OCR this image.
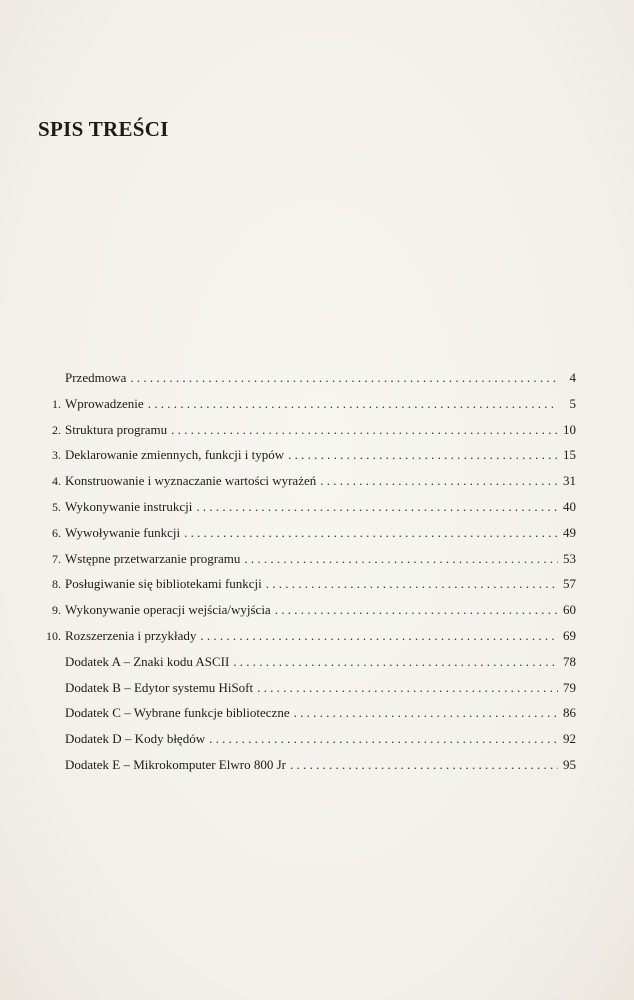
SPIS TREŚCI
Przedmowa . . .	4
1. Wprowadzenie . . .	5
2. Struktura programu . . .	10
3. Deklarowanie zmiennych, funkcji i typów . . .	15
4. Konstruowanie i wyznaczanie wartości wyrażeń . . .	31
5. Wykonywanie instrukcji . . .	40
6. Wywoływanie funkcji . . .	49
7. Wstępne przetwarzanie programu . . .	53
8. Posługiwanie się bibliotekami funkcji . . .	57
9. Wykonywanie operacji wejścia/wyjścia . . .	60
10. Rozszerzenia i przykłady . . .	69
Dodatek A – Znaki kodu ASCII . . .	78
Dodatek B – Edytor systemu HiSoft . . .	79
Dodatek C – Wybrane funkcje biblioteczne . . .	86
Dodatek D – Kody błędów . . .	92
Dodatek E – Mikrokomputer Elwro 800 Jr . . .	95
